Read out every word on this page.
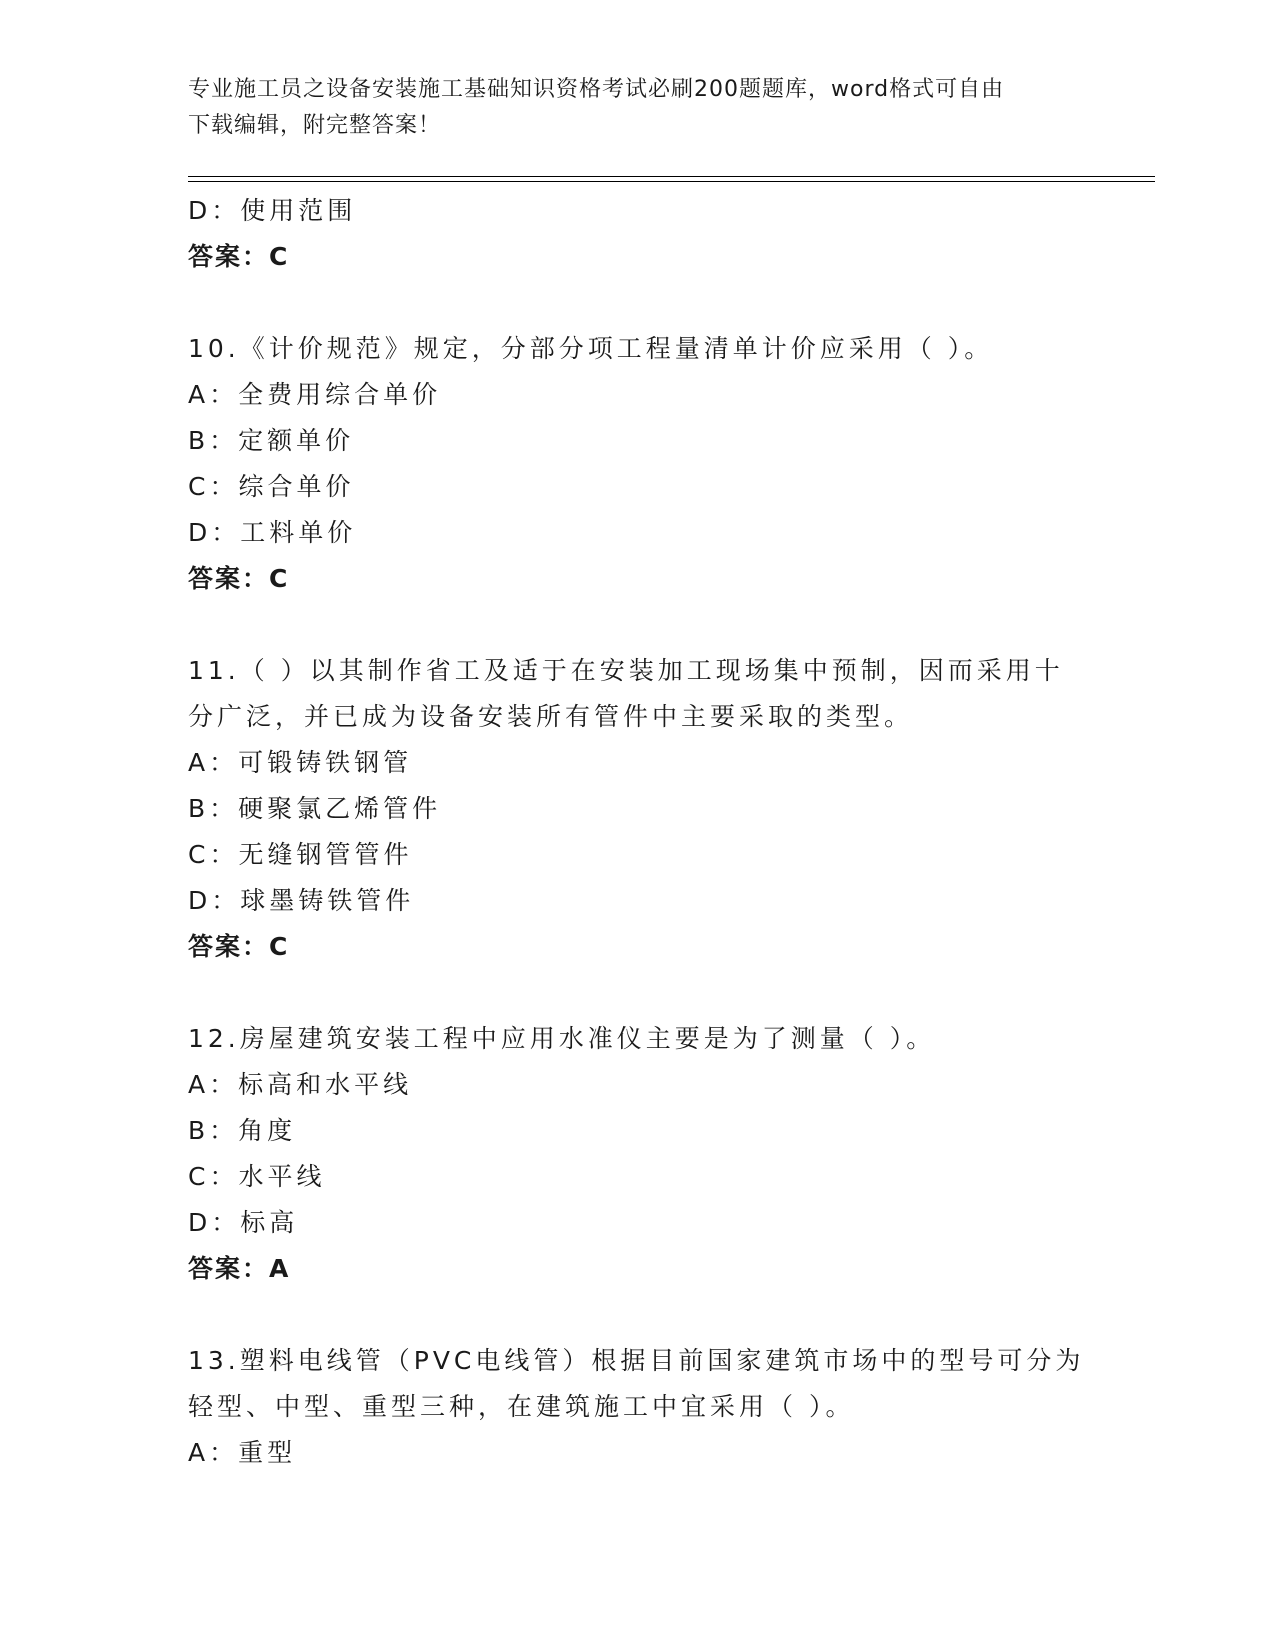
专业施工员之设备安装施工基础知识资格考试必刷200题题库，word格式可自由
下载编辑，附完整答案！
D：使用范围
答案：C
10.《计价规范》规定，分部分项工程量清单计价应采用（ ）。
A：全费用综合单价
B：定额单价
C：综合单价
D：工料单价
答案：C
11.（ ）以其制作省工及适于在安装加工现场集中预制，因而采用十
分广泛，并已成为设备安装所有管件中主要采取的类型。
A：可锻铸铁钢管
B：硬聚氯乙烯管件
C：无缝钢管管件
D：球墨铸铁管件
答案：C
12.房屋建筑安装工程中应用水准仪主要是为了测量（ ）。
A：标高和水平线
B：角度
C：水平线
D：标高
答案：A
13.塑料电线管（PVC电线管）根据目前国家建筑市场中的型号可分为
轻型、中型、重型三种，在建筑施工中宜采用（ ）。
A：重型
